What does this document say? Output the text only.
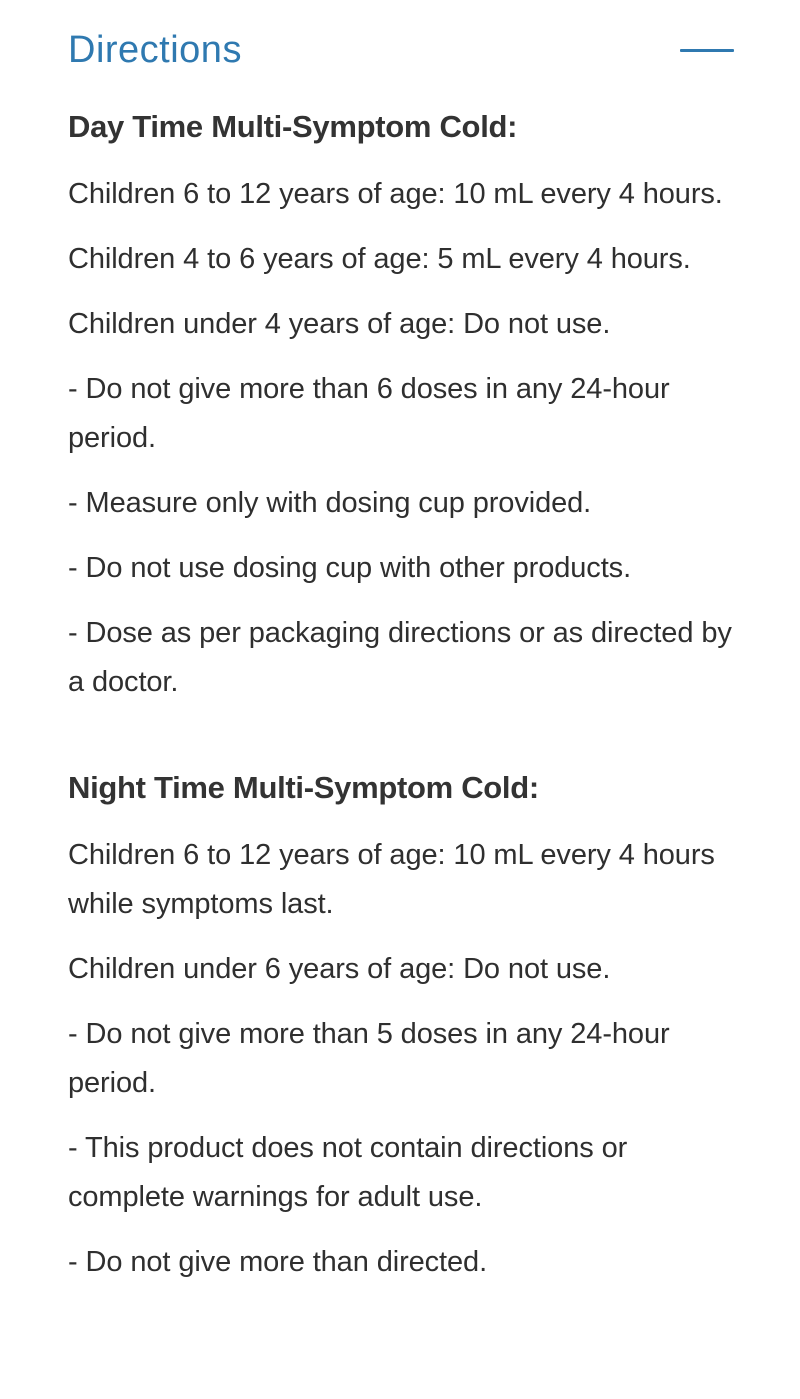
Directions
Day Time Multi-Symptom Cold:

Children 6 to 12 years of age: 10 mL every 4 hours.

Children 4 to 6 years of age: 5 mL every 4 hours.

Children under 4 years of age: Do not use.

- Do not give more than 6 doses in any 24-hour period.

- Measure only with dosing cup provided.

- Do not use dosing cup with other products.

- Dose as per packaging directions or as directed by a doctor.

Night Time Multi-Symptom Cold:

Children 6 to 12 years of age: 10 mL every 4 hours while symptoms last.

Children under 6 years of age: Do not use.

- Do not give more than 5 doses in any 24-hour period.

- This product does not contain directions or complete warnings for adult use.

- Do not give more than directed.
